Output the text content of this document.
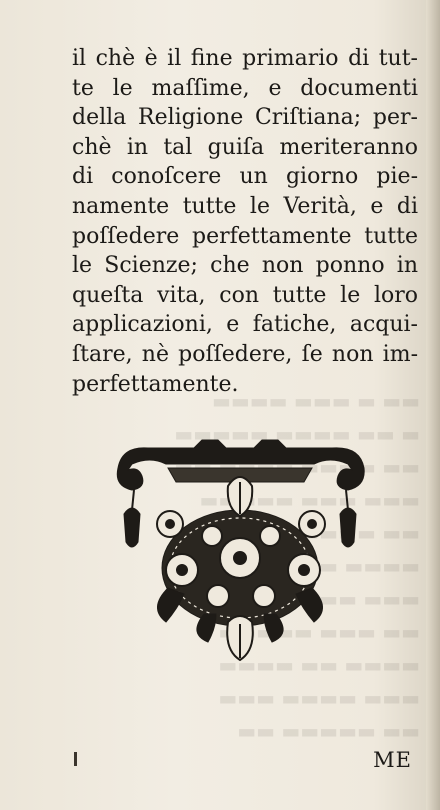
▬▬ ▬ ▬▬▬ ▬▬▬▬
▬ ▬▬ ▬▬▬▬ ▬▬▬▬▬
▬▬ ▬▬▬▬ ▬▬▬▬ ▬▬
▬▬▬ ▬▬▬ ▬▬▬▬▬
▬▬ ▬▬▬▬
▬▬▬▬
▬▬▬
▬▬ ▬▬▬ ▬▬▬▬▬
▬▬▬▬ ▬▬ ▬▬▬▬
▬▬▬ ▬▬▬▬ ▬▬▬
▬▬ ▬▬▬▬▬ ▬▬

il chè è il fine primario di tut-
te le maſſime, e documenti
della Religione Criſtiana; per-
chè in tal guiſa meriteranno
di conoſcere un giorno pie-
namente tutte le Verità, e di
poſſedere perfettamente tutte
le Scienze; che non ponno in
queſta vita, con tutte le loro
applicazioni, e fatiche, acqui-
ſtare, nè poſſedere, ſe non im-
perfettamente.

ME
